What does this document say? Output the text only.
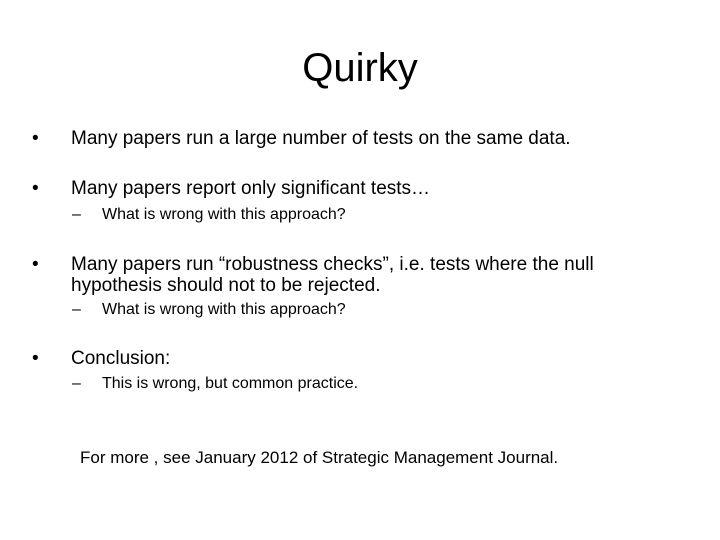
Quirky
• Many papers run a large number of tests on the same data.
• Many papers report only significant tests…
– What is wrong with this approach?
• Many papers run “robustness checks”, i.e. tests where the null hypothesis should not to be rejected.
– What is wrong with this approach?
• Conclusion:
– This is wrong, but common practice.
For more , see January 2012 of Strategic Management Journal.
